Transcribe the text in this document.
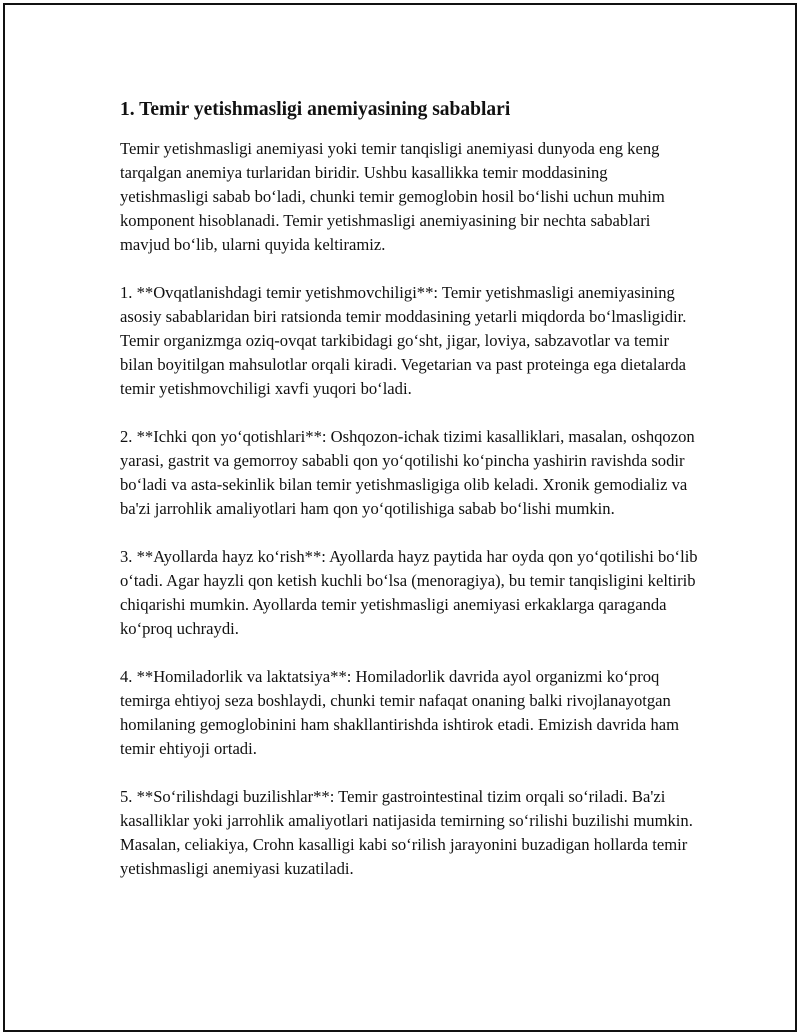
1. Temir yetishmasligi anemiyasining sabablari

Temir yetishmasligi anemiyasi yoki temir tanqisligi anemiyasi dunyoda eng keng tarqalgan anemiya turlaridan biridir. Ushbu kasallikka temir moddasining yetishmasligi sabab boʻladi, chunki temir gemoglobin hosil boʻlishi uchun muhim komponent hisoblanadi. Temir yetishmasligi anemiyasining bir nechta sabablari mavjud boʻlib, ularni quyida keltiramiz.

1. **Ovqatlanishdagi temir yetishmovchiligi**: Temir yetishmasligi anemiyasining asosiy sabablaridan biri ratsionda temir moddasining yetarli miqdorda boʻlmasligidir. Temir organizmga oziq-ovqat tarkibidagi goʻsht, jigar, loviya, sabzavotlar va temir bilan boyitilgan mahsulotlar orqali kiradi. Vegetarian va past proteinga ega dietalarda temir yetishmovchiligi xavfi yuqori boʻladi.

2. **Ichki qon yoʻqotishlari**: Oshqozon-ichak tizimi kasalliklari, masalan, oshqozon yarasi, gastrit va gemorroy sababli qon yoʻqotilishi koʻpincha yashirin ravishda sodir boʻladi va asta-sekinlik bilan temir yetishmasligiga olib keladi. Xronik gemodializ va ba'zi jarrohlik amaliyotlari ham qon yoʻqotilishiga sabab boʻlishi mumkin.

3. **Ayollarda hayz koʻrish**: Ayollarda hayz paytida har oyda qon yoʻqotilishi boʻlib oʻtadi. Agar hayzli qon ketish kuchli boʻlsa (menoragiya), bu temir tanqisligini keltirib chiqarishi mumkin. Ayollarda temir yetishmasligi anemiyasi erkaklarga qaraganda koʻproq uchraydi.

4. **Homiladorlik va laktatsiya**: Homiladorlik davrida ayol organizmi koʻproq temirga ehtiyoj seza boshlaydi, chunki temir nafaqat onaning balki rivojlanayotgan homilaning gemoglobinini ham shakllantirishda ishtirok etadi. Emizish davrida ham temir ehtiyoji ortadi.

5. **Soʻrilishdagi buzilishlar**: Temir gastrointestinal tizim orqali soʻriladi. Ba'zi kasalliklar yoki jarrohlik amaliyotlari natijasida temirning soʻrilishi buzilishi mumkin. Masalan, celiakiya, Crohn kasalligi kabi soʻrilish jarayonini buzadigan hollarda temir yetishmasligi anemiyasi kuzatiladi.
